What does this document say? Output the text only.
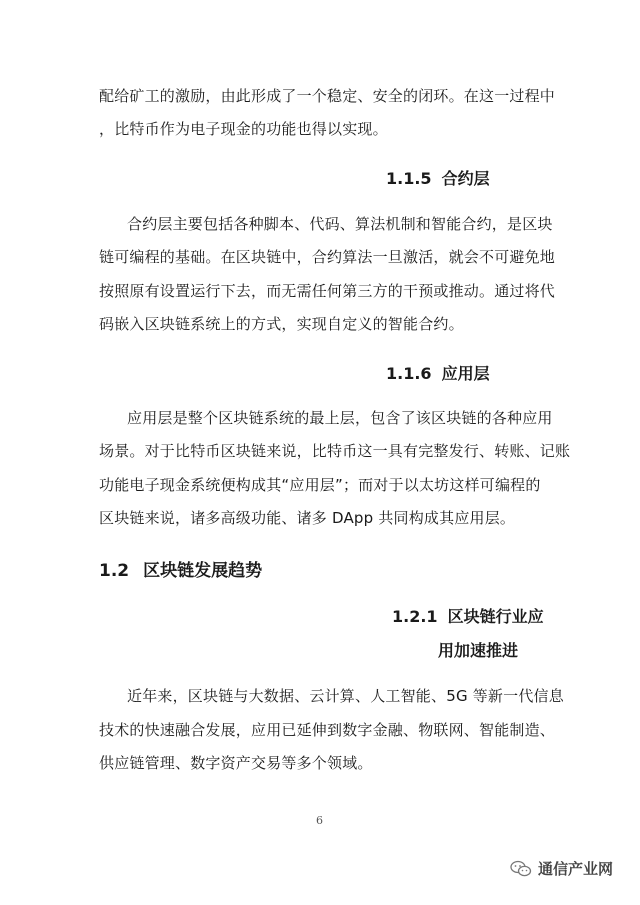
配给矿工的激励，由此形成了一个稳定、安全的闭环。在这一过程中
，比特币作为电子现金的功能也得以实现。
1.1.5 合约层
合约层主要包括各种脚本、代码、算法机制和智能合约，是区块
链可编程的基础。在区块链中，合约算法一旦激活，就会不可避免地
按照原有设置运行下去，而无需任何第三方的干预或推动。通过将代
码嵌入区块链系统上的方式，实现自定义的智能合约。
1.1.6 应用层
应用层是整个区块链系统的最上层，包含了该区块链的各种应用
场景。对于比特币区块链来说，比特币这一具有完整发行、转账、记账
功能电子现金系统便构成其“应用层”；而对于以太坊这样可编程的
区块链来说，诸多高级功能、诸多 DApp 共同构成其应用层。
1.2 区块链发展趋势
1.2.1 区块链行业应
用加速推进
近年来，区块链与大数据、云计算、人工智能、5G 等新一代信息
技术的快速融合发展，应用已延伸到数字金融、物联网、智能制造、
供应链管理、数字资产交易等多个领域。
6
通信产业网
